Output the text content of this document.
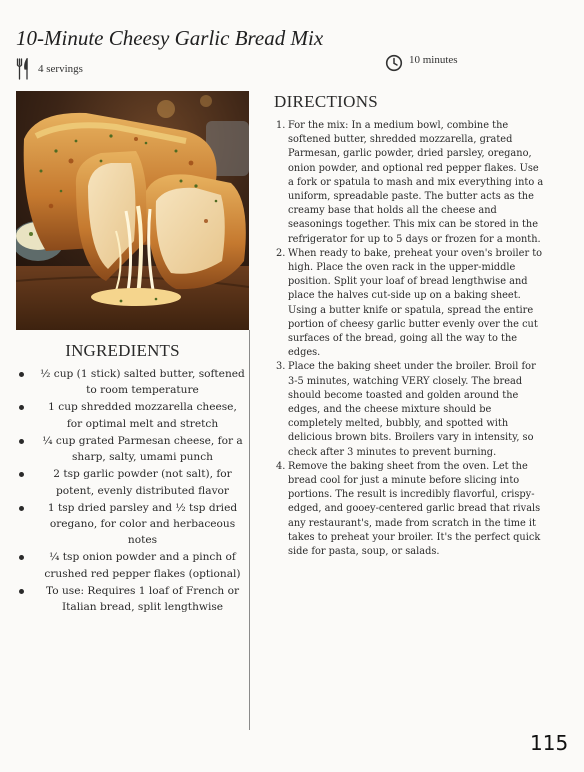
10-Minute Cheesy Garlic Bread Mix
4 servings
10 minutes
INGREDIENTS
½ cup (1 stick) salted butter, softened to room temperature
1 cup shredded mozzarella cheese, for optimal melt and stretch
¼ cup grated Parmesan cheese, for a sharp, salty, umami punch
2 tsp garlic powder (not salt), for potent, evenly distributed flavor
1 tsp dried parsley and ½ tsp dried oregano, for color and herbaceous notes
¼ tsp onion powder and a pinch of crushed red pepper flakes (optional)
To use: Requires 1 loaf of French or Italian bread, split lengthwise
DIRECTIONS
1. For the mix: In a medium bowl, combine the softened butter, shredded mozzarella, grated Parmesan, garlic powder, dried parsley, oregano, onion powder, and optional red pepper flakes. Use a fork or spatula to mash and mix everything into a uniform, spreadable paste. The butter acts as the creamy base that holds all the cheese and seasonings together. This mix can be stored in the refrigerator for up to 5 days or frozen for a month.
2. When ready to bake, preheat your oven's broiler to high. Place the oven rack in the upper-middle position. Split your loaf of bread lengthwise and place the halves cut-side up on a baking sheet. Using a butter knife or spatula, spread the entire portion of cheesy garlic butter evenly over the cut surfaces of the bread, going all the way to the edges.
3. Place the baking sheet under the broiler. Broil for 3-5 minutes, watching VERY closely. The bread should become toasted and golden around the edges, and the cheese mixture should be completely melted, bubbly, and spotted with delicious brown bits. Broilers vary in intensity, so check after 3 minutes to prevent burning.
4. Remove the baking sheet from the oven. Let the bread cool for just a minute before slicing into portions. The result is incredibly flavorful, crispy-edged, and gooey-centered garlic bread that rivals any restaurant's, made from scratch in the time it takes to preheat your broiler. It's the perfect quick side for pasta, soup, or salads.
115
